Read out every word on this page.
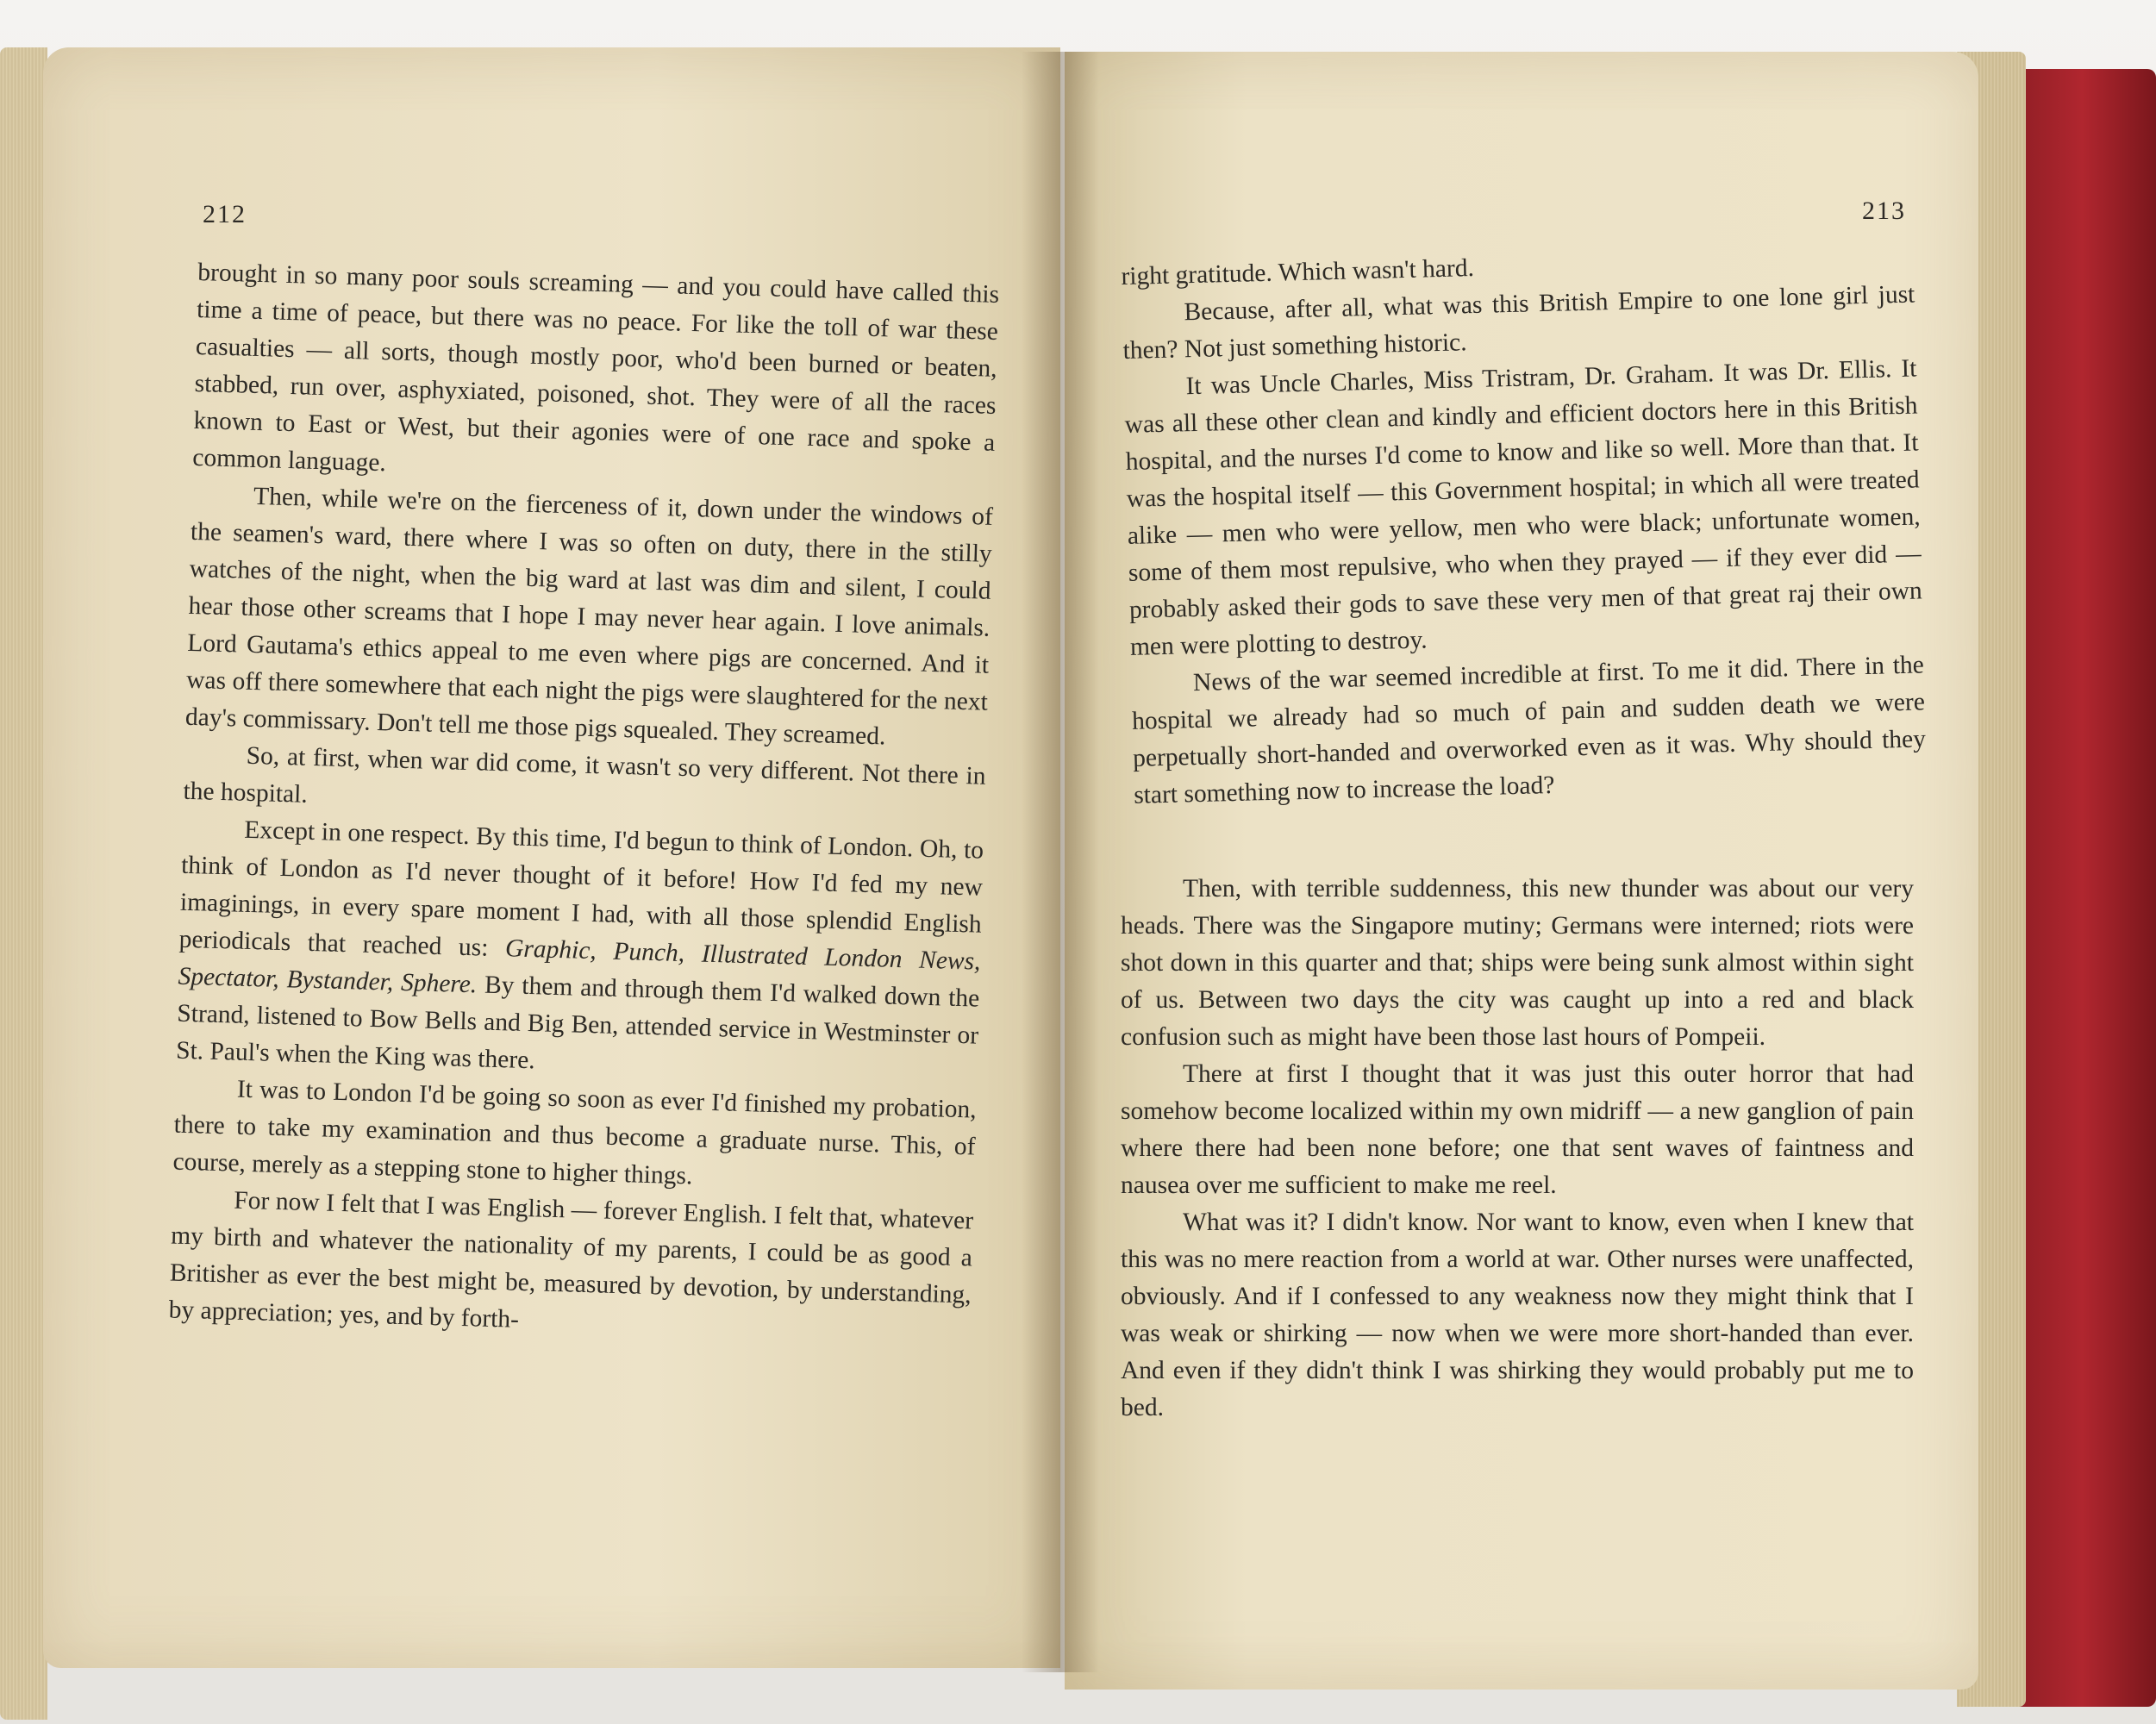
212	213

brought in so many poor souls screaming — and you could have called this time a time of peace, but there was no peace. For like the toll of war these casualties — all sorts, though mostly poor, who'd been burned or beaten, stabbed, run over, asphyxiated, poisoned, shot. They were of all the races known to East or West, but their agonies were of one race and spoke a common language.

Then, while we're on the fierceness of it, down under the windows of the seamen's ward, there where I was so often on duty, there in the stilly watches of the night, when the big ward at last was dim and silent, I could hear those other screams that I hope I may never hear again. I love animals. Lord Gautama's ethics appeal to me even where pigs are concerned. And it was off there somewhere that each night the pigs were slaughtered for the next day's commissary. Don't tell me those pigs squealed. They screamed.

So, at first, when war did come, it wasn't so very different. Not there in the hospital.

Except in one respect. By this time, I'd begun to think of London. Oh, to think of London as I'd never thought of it before! How I'd fed my new imaginings, in every spare moment I had, with all those splendid English periodicals that reached us: Graphic, Punch, Illustrated London News, Spectator, Bystander, Sphere. By them and through them I'd walked down the Strand, listened to Bow Bells and Big Ben, attended service in Westminster or St. Paul's when the King was there.

It was to London I'd be going so soon as ever I'd finished my probation, there to take my examination and thus become a graduate nurse. This, of course, merely as a stepping stone to higher things.

For now I felt that I was English — forever English. I felt that, whatever my birth and whatever the nationality of my parents, I could be as good a Britisher as ever the best might be, measured by devotion, by understanding, by appreciation; yes, and by forth-

right gratitude. Which wasn't hard.

Because, after all, what was this British Empire to one lone girl just then? Not just something historic.

It was Uncle Charles, Miss Tristram, Dr. Graham. It was Dr. Ellis. It was all these other clean and kindly and efficient doctors here in this British hospital, and the nurses I'd come to know and like so well. More than that. It was the hospital itself — this Government hospital; in which all were treated alike — men who were yellow, men who were black; unfortunate women, some of them most repulsive, who when they prayed — if they ever did — probably asked their gods to save these very men of that great raj their own men were plotting to destroy.

News of the war seemed incredible at first. To me it did. There in the hospital we already had so much of pain and sudden death we were perpetually short-handed and overworked even as it was. Why should they start something now to increase the load?

Then, with terrible suddenness, this new thunder was about our very heads. There was the Singapore mutiny; Germans were interned; riots were shot down in this quarter and that; ships were being sunk almost within sight of us. Between two days the city was caught up into a red and black confusion such as might have been those last hours of Pompeii.

There at first I thought that it was just this outer horror that had somehow become localized within my own midriff — a new ganglion of pain where there had been none before; one that sent waves of faintness and nausea over me sufficient to make me reel.

What was it? I didn't know. Nor want to know, even when I knew that this was no mere reaction from a world at war. Other nurses were unaffected, obviously. And if I confessed to any weakness now they might think that I was weak or shirking — now when we were more short-handed than ever. And even if they didn't think I was shirking they would probably put me to bed.
